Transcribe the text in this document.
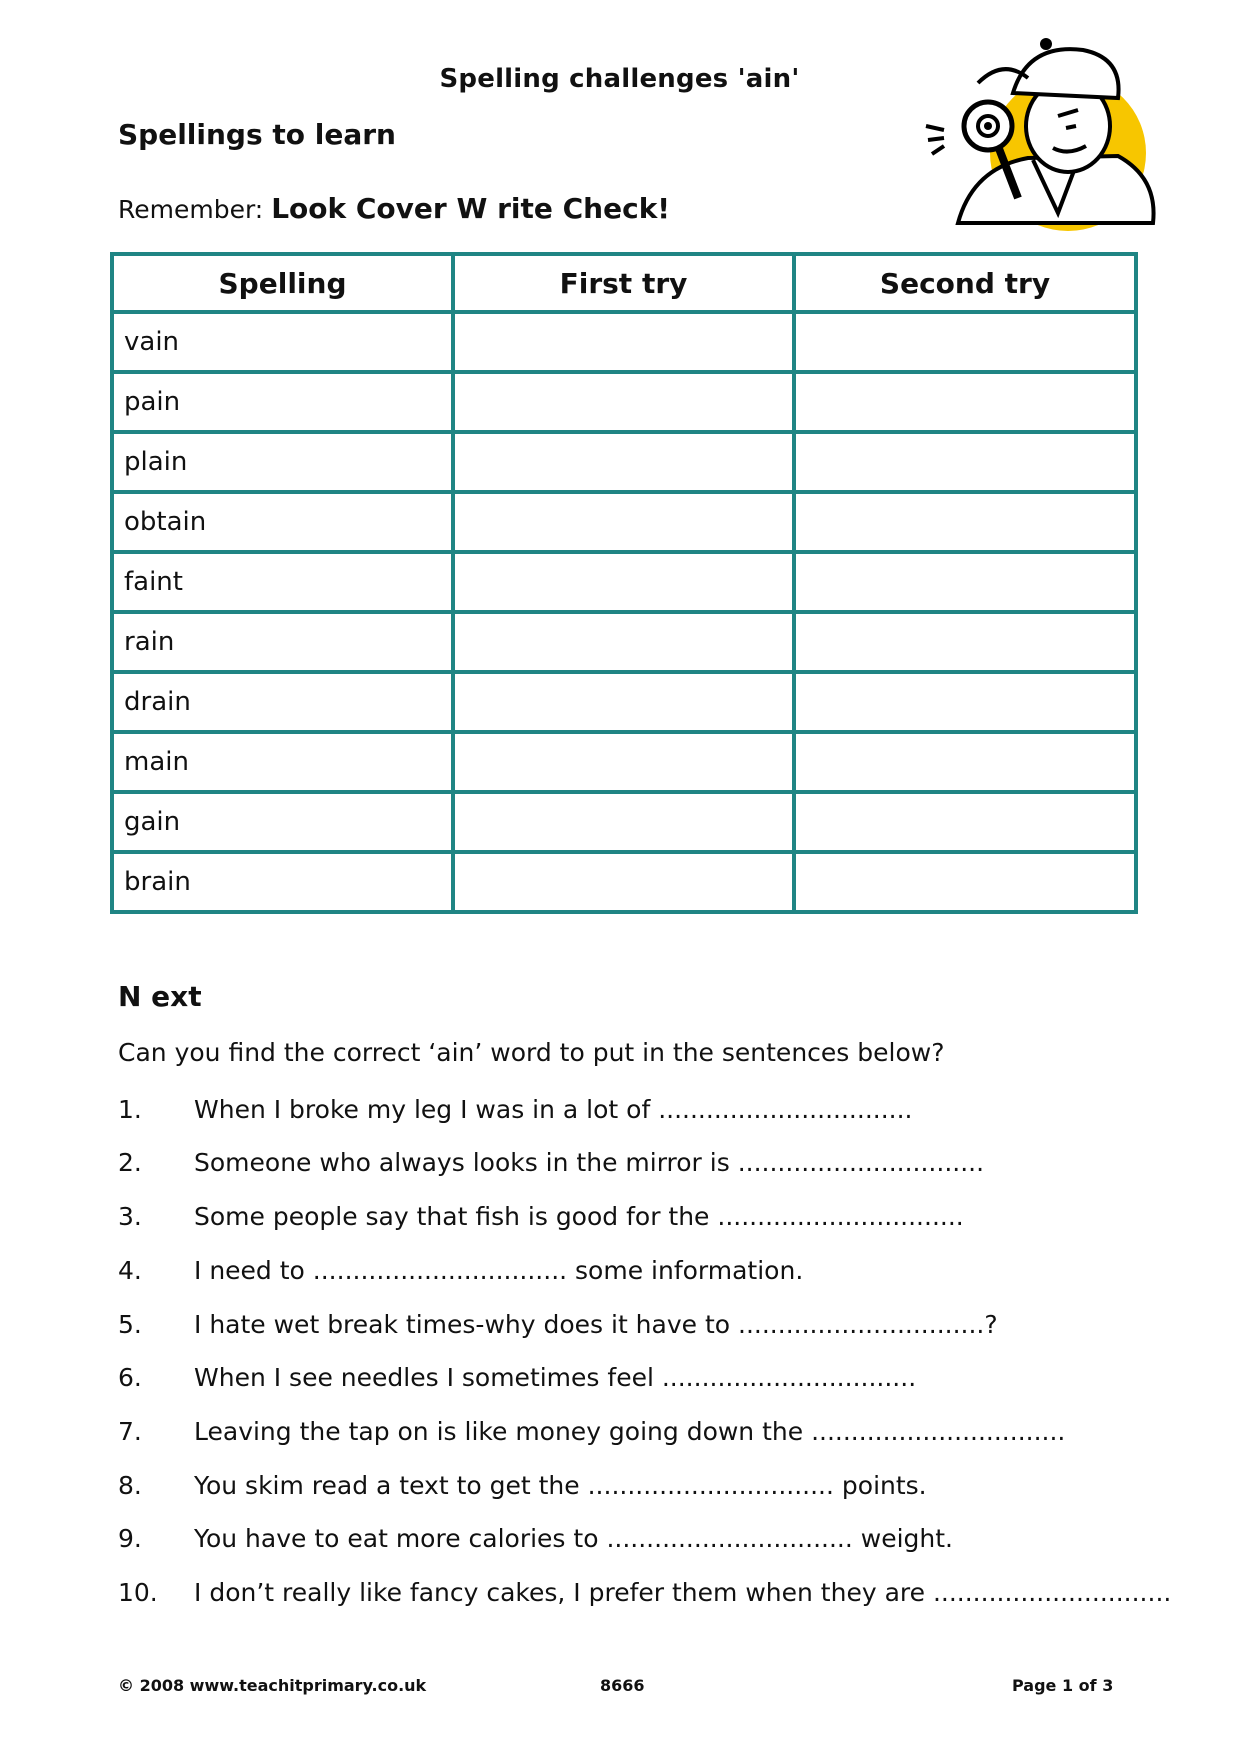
Spelling challenges 'ain'
Spellings to learn
Remember: Look Cover W rite Check!
Spelling	First try	Second try
vain		
pain		
plain		
obtain		
faint		
rain		
drain		
main		
gain		
brain		
N ext
Can you find the correct ‘ain’ word to put in the sentences below?
1. When I broke my leg I was in a lot of ................................
2. Someone who always looks in the mirror is ...............................
3. Some people say that fish is good for the ...............................
4. I need to ................................ some information.
5. I hate wet break times-why does it have to ...............................?
6. When I see needles I sometimes feel ................................
7. Leaving the tap on is like money going down the ................................
8. You skim read a text to get the ............................... points.
9. You have to eat more calories to ............................... weight.
10. I don’t really like fancy cakes, I prefer them when they are ..............................
© 2008 www.teachitprimary.co.uk	8666	Page 1 of 3
